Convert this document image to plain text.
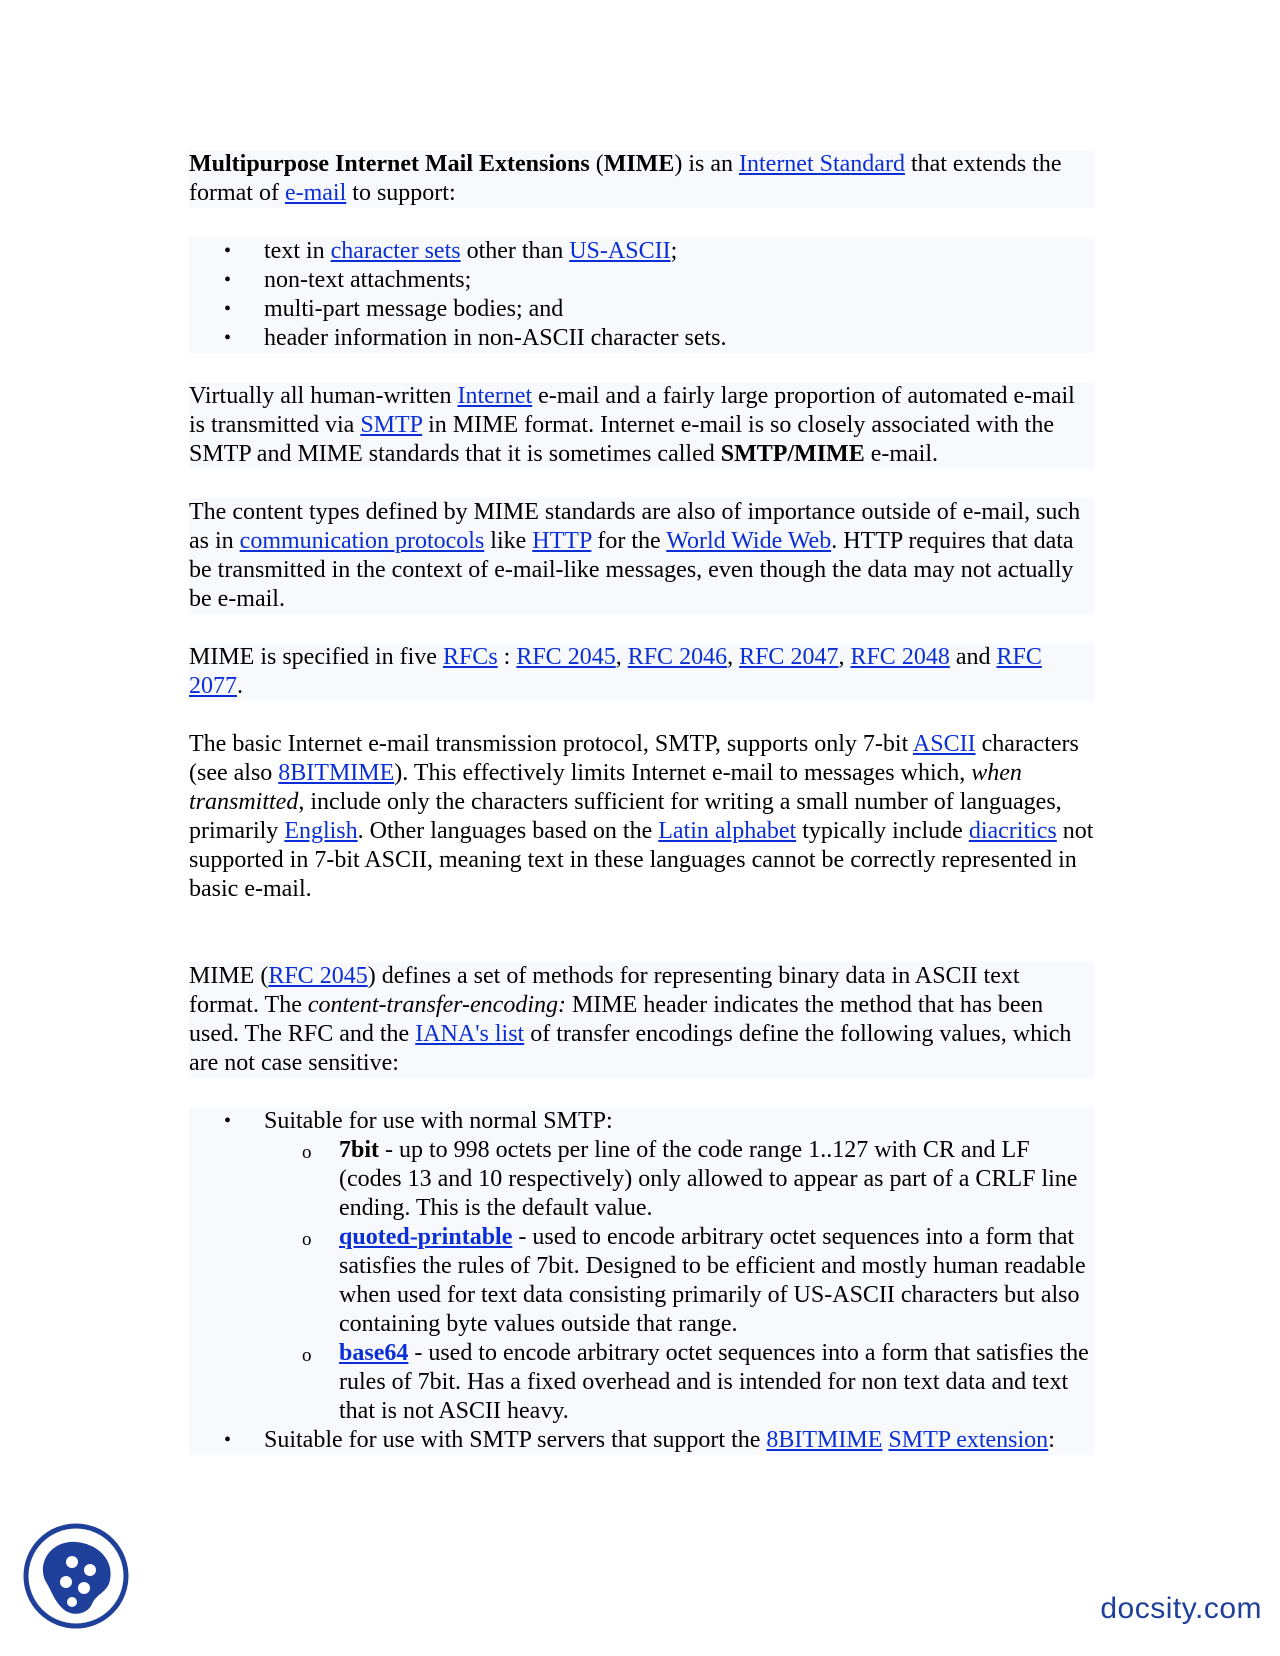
Multipurpose Internet Mail Extensions (MIME) is an Internet Standard that extends the format of e-mail to support:

• text in character sets other than US-ASCII;
• non-text attachments;
• multi-part message bodies; and
• header information in non-ASCII character sets.

Virtually all human-written Internet e-mail and a fairly large proportion of automated e-mail is transmitted via SMTP in MIME format. Internet e-mail is so closely associated with the SMTP and MIME standards that it is sometimes called SMTP/MIME e-mail.

The content types defined by MIME standards are also of importance outside of e-mail, such as in communication protocols like HTTP for the World Wide Web. HTTP requires that data be transmitted in the context of e-mail-like messages, even though the data may not actually be e-mail.

MIME is specified in five RFCs : RFC 2045, RFC 2046, RFC 2047, RFC 2048 and RFC 2077.

The basic Internet e-mail transmission protocol, SMTP, supports only 7-bit ASCII characters (see also 8BITMIME). This effectively limits Internet e-mail to messages which, when transmitted, include only the characters sufficient for writing a small number of languages, primarily English. Other languages based on the Latin alphabet typically include diacritics not supported in 7-bit ASCII, meaning text in these languages cannot be correctly represented in basic e-mail.

MIME (RFC 2045) defines a set of methods for representing binary data in ASCII text format. The content-transfer-encoding: MIME header indicates the method that has been used. The RFC and the IANA's list of transfer encodings define the following values, which are not case sensitive:

• Suitable for use with normal SMTP:
o 7bit - up to 998 octets per line of the code range 1..127 with CR and LF (codes 13 and 10 respectively) only allowed to appear as part of a CRLF line ending. This is the default value.
o quoted-printable - used to encode arbitrary octet sequences into a form that satisfies the rules of 7bit. Designed to be efficient and mostly human readable when used for text data consisting primarily of US-ASCII characters but also containing byte values outside that range.
o base64 - used to encode arbitrary octet sequences into a form that satisfies the rules of 7bit. Has a fixed overhead and is intended for non text data and text that is not ASCII heavy.
• Suitable for use with SMTP servers that support the 8BITMIME SMTP extension:
docsity.com
